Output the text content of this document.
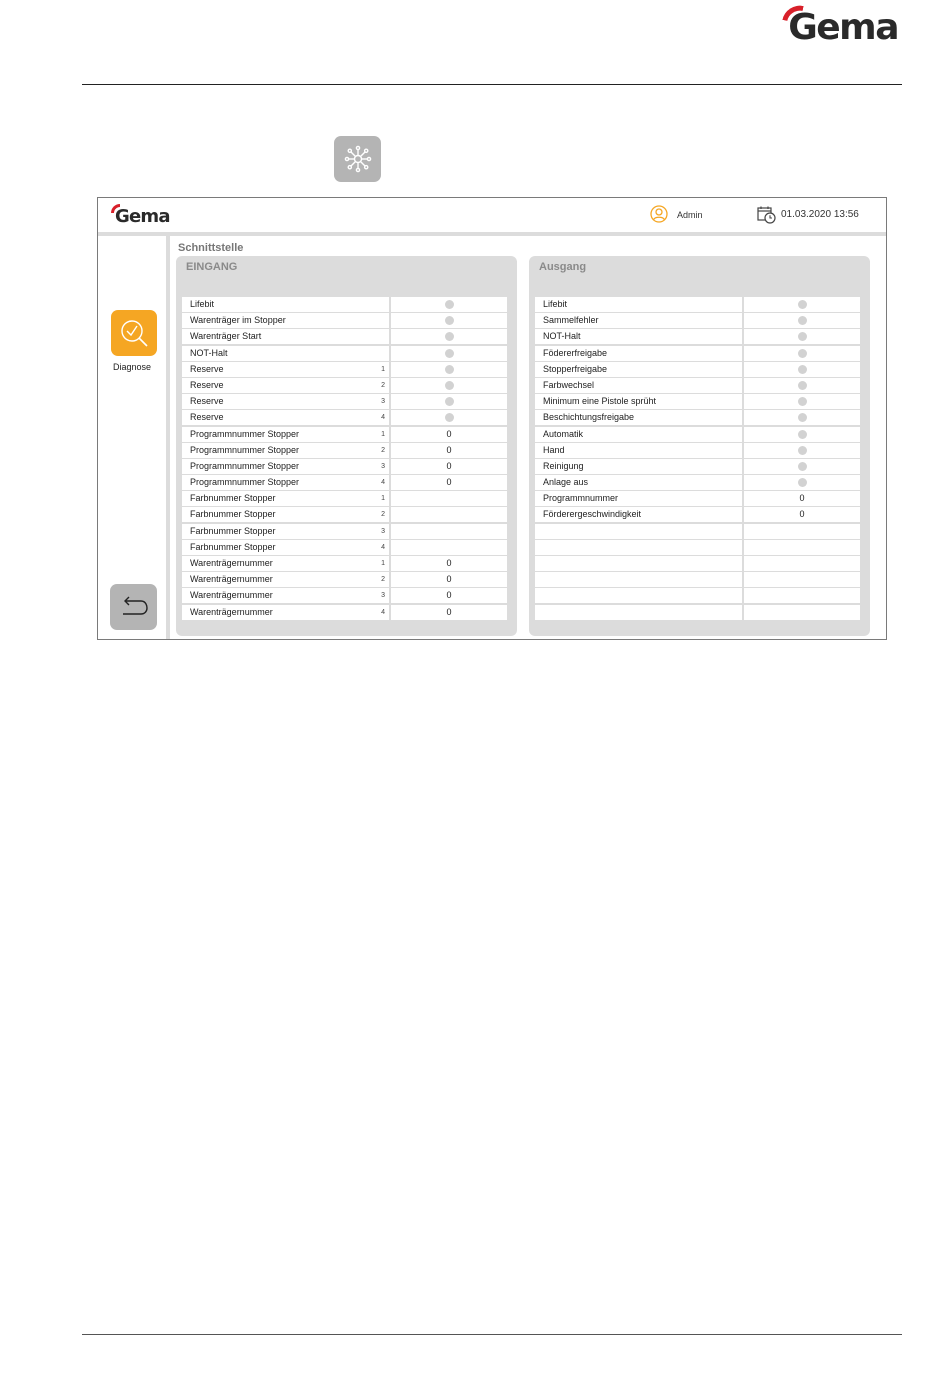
Gema
Gema	Admin	01.03.2020 13:56
Diagnose
Schnittstelle
EINGANG
Lifebit
Warenträger im Stopper
Warenträger Start
NOT-Halt
Reserve	1
Reserve	2
Reserve	3
Reserve	4
Programmnummer Stopper	1	0
Programmnummer Stopper	2	0
Programmnummer Stopper	3	0
Programmnummer Stopper	4	0
Farbnummer Stopper	1
Farbnummer Stopper	2
Farbnummer Stopper	3
Farbnummer Stopper	4
Warenträgernummer	1	0
Warenträgernummer	2	0
Warenträgernummer	3	0
Warenträgernummer	4	0
Ausgang
Lifebit
Sammelfehler
NOT-Halt
Födererfreigabe
Stopperfreigabe
Farbwechsel
Minimum eine Pistole sprüht
Beschichtungsfreigabe
Automatik
Hand
Reinigung
Anlage aus
Programmnummer	0
Förderergeschwindigkeit	0
